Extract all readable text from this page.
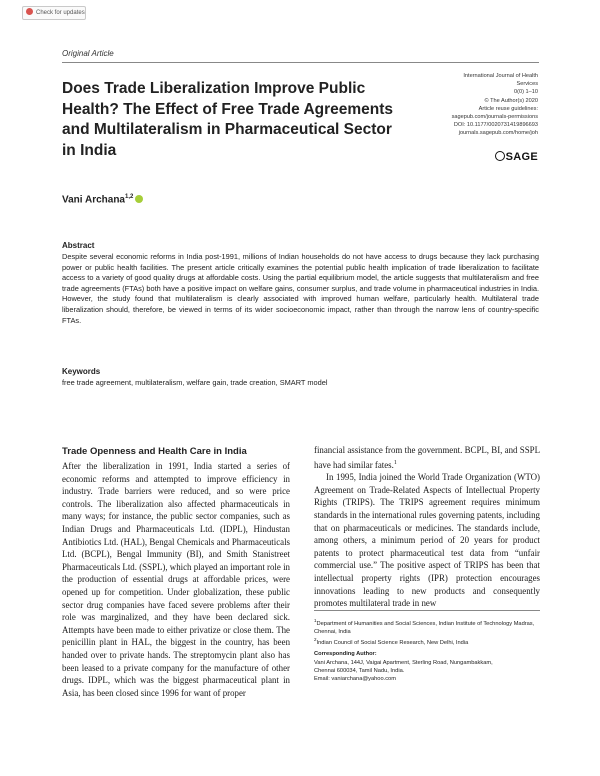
Check for updates
Original Article
Does Trade Liberalization Improve Public Health? The Effect of Free Trade Agreements and Multilateralism in Pharmaceutical Sector in India
International Journal of Health
Services
0(0) 1–10
© The Author(s) 2020
Article reuse guidelines:
sagepub.com/journals-permissions
DOI: 10.1177/0020731419896693
journals.sagepub.com/home/joh
SAGE
Vani Archana$^{1,2}$
Abstract
Despite several economic reforms in India post-1991, millions of Indian households do not have access to drugs because they lack purchasing power or public health facilities. The present article critically examines the potential public health implication of trade liberalization to facilitate access to a variety of good quality drugs at affordable costs. Using the partial equilibrium model, the article suggests that multilateralism and free trade agreements (FTAs) both have a positive impact on welfare gains, consumer surplus, and trade volume in pharmaceutical industries in India. However, the study found that multilateralism is clearly associated with improved human welfare, particularly health. Multilateral trade liberalization should, therefore, be viewed in terms of its wider socioeconomic impact, rather than through the narrow lens of country-specific FTAs.
Keywords
free trade agreement, multilateralism, welfare gain, trade creation, SMART model
Trade Openness and Health Care in India

After the liberalization in 1991, India started a series of economic reforms and attempted to improve efficiency in industry. Trade barriers were reduced, and so were price controls. The liberalization also affected pharmaceuticals in many ways; for instance, the public sector companies, such as Indian Drugs and Pharmaceuticals Ltd. (IDPL), Hindustan Antibiotics Ltd. (HAL), Bengal Chemicals and Pharmaceuticals Ltd. (BCPL), Bengal Immunity (BI), and Smith Stanistreet Pharmaceuticals Ltd. (SSPL), which played an important role in the production of essential drugs at affordable prices, were opened up for competition. Under globalization, these public sector drug companies have faced severe problems after their role was marginalized, and they have been declared sick. Attempts have been made to either privatize or close them. The penicillin plant in HAL, the biggest in the country, has been handed over to private hands. The streptomycin plant also has been leased to a private company for the manufacture of other drugs. IDPL, which was the biggest pharmaceutical plant in Asia, has been closed since 1996 for want of proper

financial assistance from the government. BCPL, BI, and SSPL have had similar fates.$^1$

In 1995, India joined the World Trade Organization (WTO) Agreement on Trade-Related Aspects of Intellectual Property Rights (TRIPS). The TRIPS agreement requires minimum standards in the international rules governing patents, including that on pharmaceuticals or medicines. The standards include, among others, a minimum period of 20 years for product patents to protect pharmaceutical test data from “unfair commercial use.” The positive aspect of TRIPS has been that intellectual property rights (IPR) protection encourages innovations leading to new products and consequently promotes multilateral trade in new

$^1$Department of Humanities and Social Sciences, Indian Institute of Technology Madras, Chennai, India
$^2$Indian Council of Social Science Research, New Delhi, India
Corresponding Author:
Vani Archana, 144J, Vaigai Apartment, Sterling Road, Nungambakkam,
Chennai 600034, Tamil Nadu, India.
Email: vaniarchana@yahoo.com
